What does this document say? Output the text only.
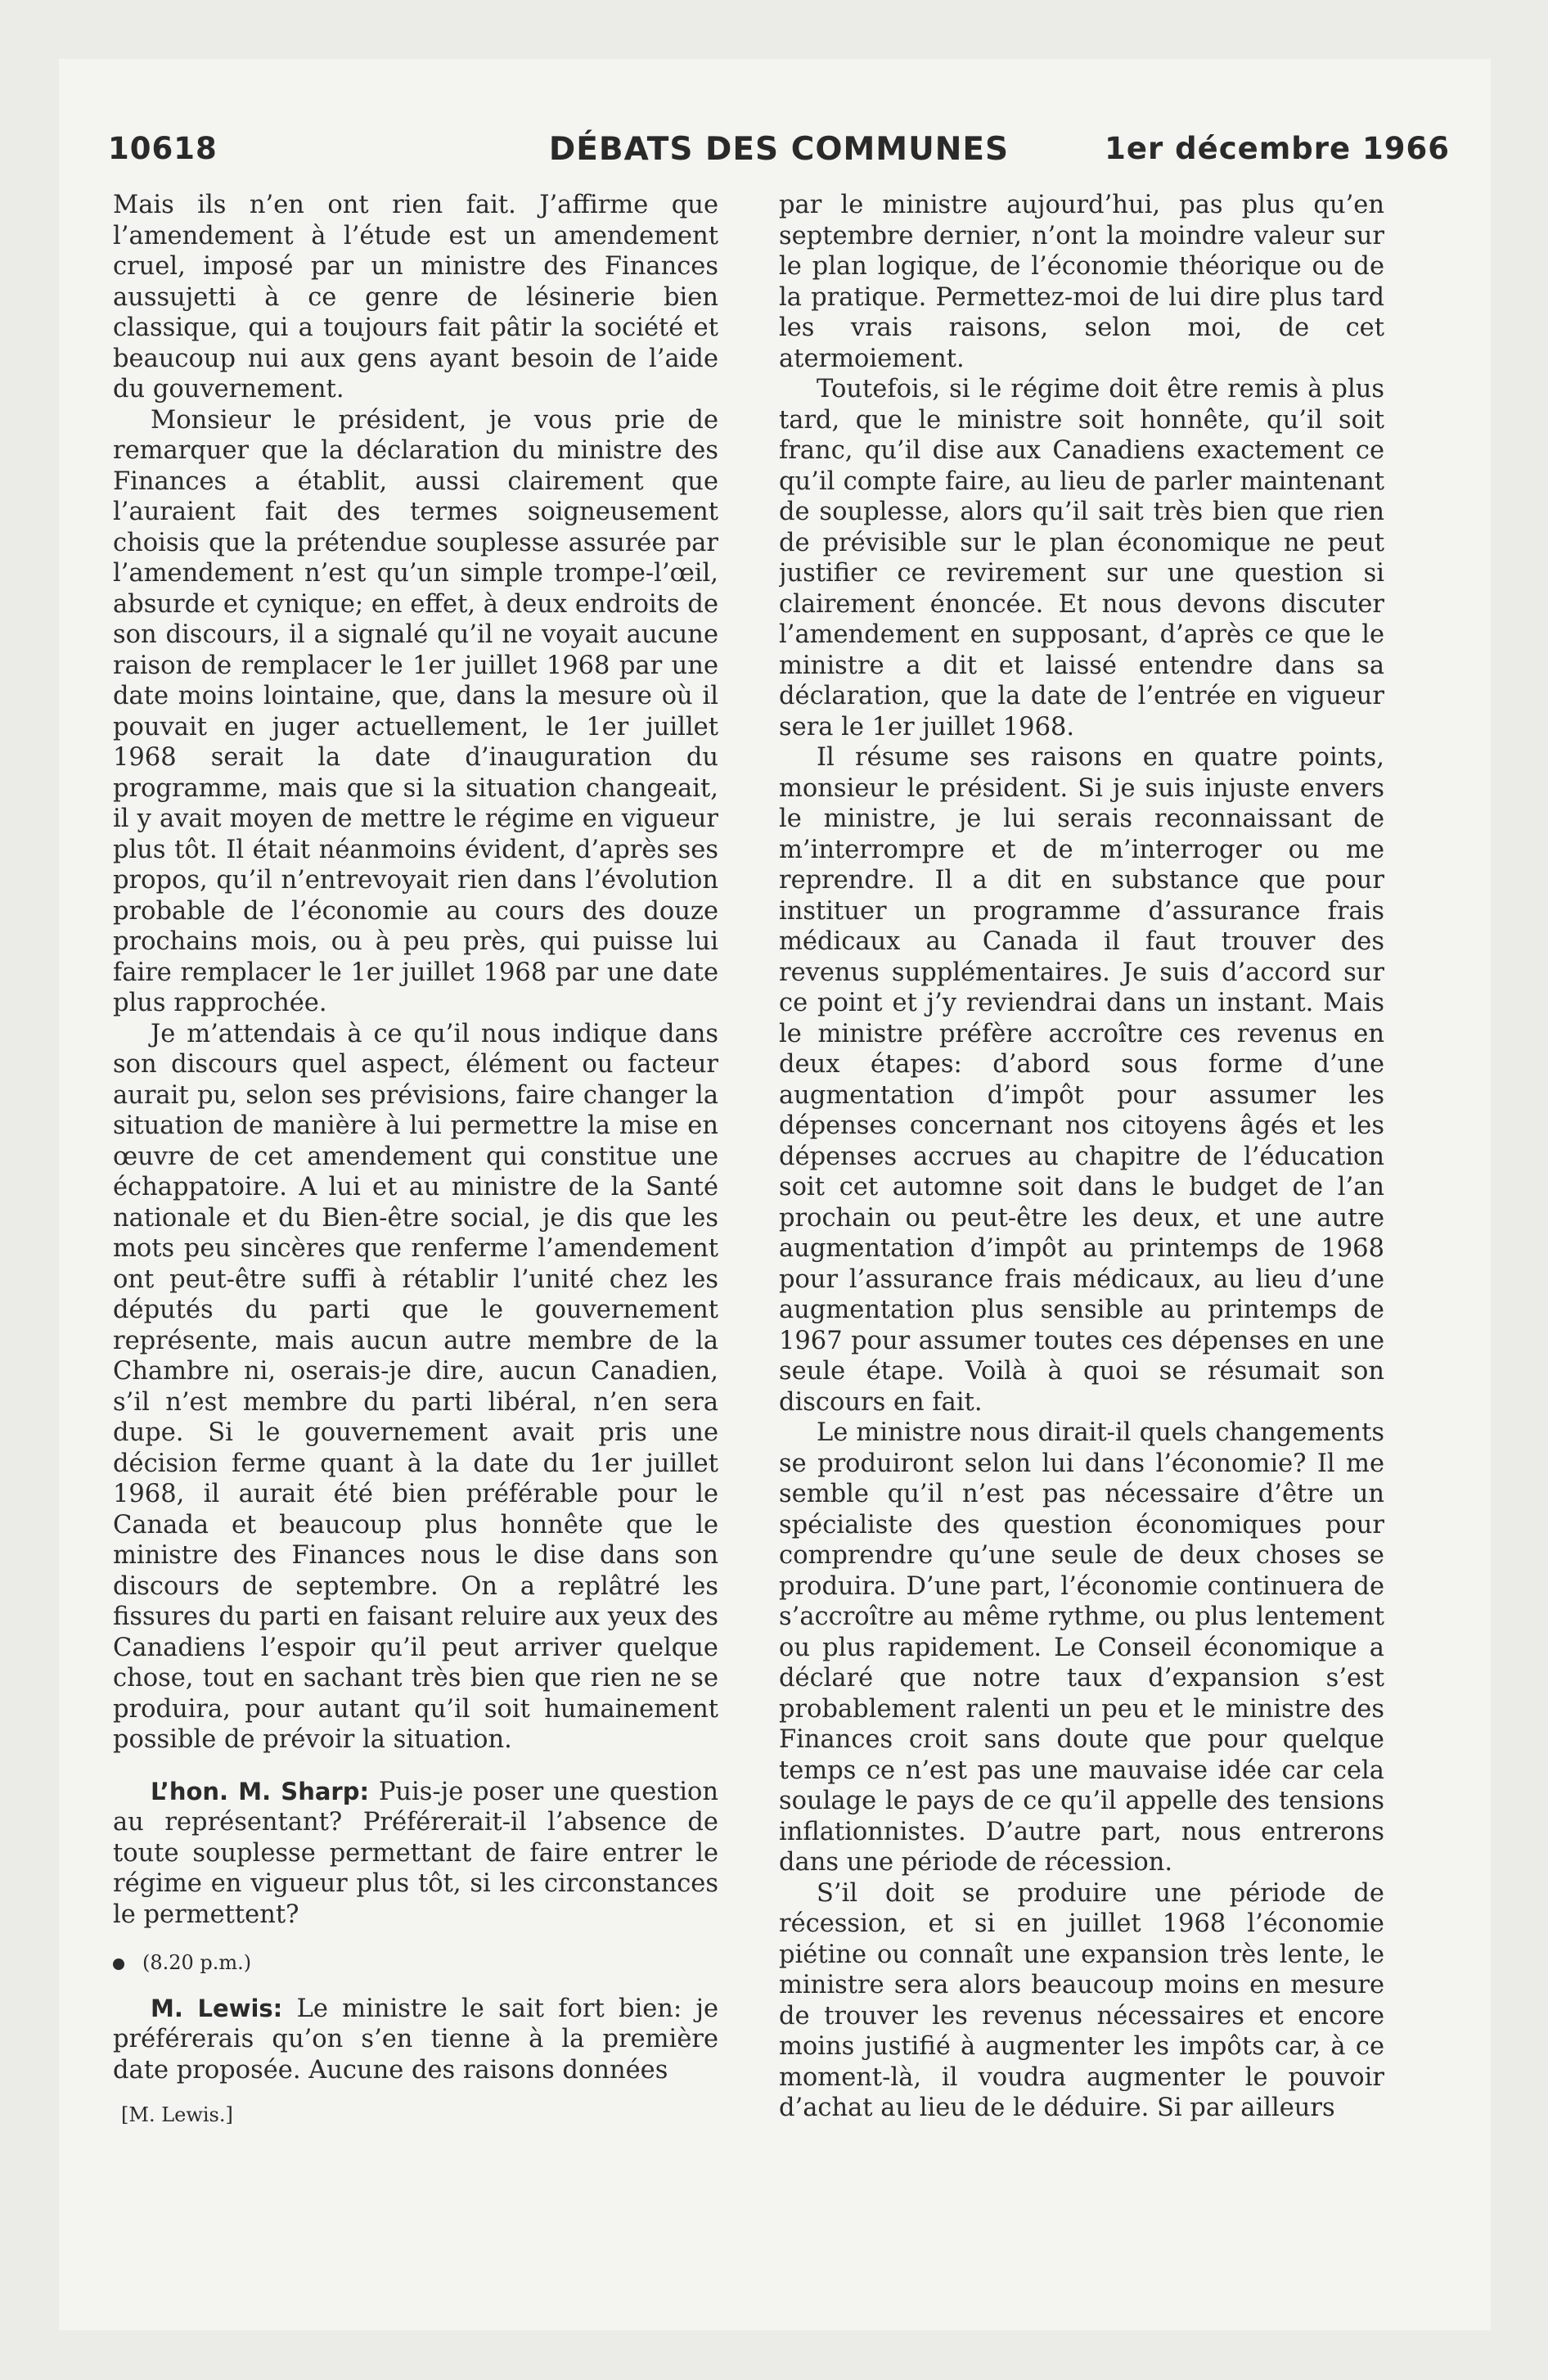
10618	DÉBATS DES COMMUNES	1er décembre 1966

Mais ils n’en ont rien fait. J’affirme que l’amendement à l’étude est un amendement cruel, imposé par un ministre des Finances aussujetti à ce genre de lésinerie bien classique, qui a toujours fait pâtir la société et beaucoup nui aux gens ayant besoin de l’aide du gouvernement.

Monsieur le président, je vous prie de remarquer que la déclaration du ministre des Finances a établit, aussi clairement que l’auraient fait des termes soigneusement choisis que la prétendue souplesse assurée par l’amendement n’est qu’un simple trompe-l’œil, absurde et cynique; en effet, à deux endroits de son discours, il a signalé qu’il ne voyait aucune raison de remplacer le 1er juillet 1968 par une date moins lointaine, que, dans la mesure où il pouvait en juger actuellement, le 1er juillet 1968 serait la date d’inauguration du programme, mais que si la situation changeait, il y avait moyen de mettre le régime en vigueur plus tôt. Il était néanmoins évident, d’après ses propos, qu’il n’entrevoyait rien dans l’évolution probable de l’économie au cours des douze prochains mois, ou à peu près, qui puisse lui faire remplacer le 1er juillet 1968 par une date plus rapprochée.

Je m’attendais à ce qu’il nous indique dans son discours quel aspect, élément ou facteur aurait pu, selon ses prévisions, faire changer la situation de manière à lui permettre la mise en œuvre de cet amendement qui constitue une échappatoire. A lui et au ministre de la Santé nationale et du Bien-être social, je dis que les mots peu sincères que renferme l’amendement ont peut-être suffi à rétablir l’unité chez les députés du parti que le gouvernement représente, mais aucun autre membre de la Chambre ni, oserais-je dire, aucun Canadien, s’il n’est membre du parti libéral, n’en sera dupe. Si le gouvernement avait pris une décision ferme quant à la date du 1er juillet 1968, il aurait été bien préférable pour le Canada et beaucoup plus honnête que le ministre des Finances nous le dise dans son discours de septembre. On a replâtré les fissures du parti en faisant reluire aux yeux des Canadiens l’espoir qu’il peut arriver quelque chose, tout en sachant très bien que rien ne se produira, pour autant qu’il soit humainement possible de prévoir la situation.

L’hon. M. Sharp: Puis-je poser une question au représentant? Préférerait-il l’absence de toute souplesse permettant de faire entrer le régime en vigueur plus tôt, si les circonstances le permettent?

(8.20 p.m.)

M. Lewis: Le ministre le sait fort bien: je préférerais qu’on s’en tienne à la première date proposée. Aucune des raisons données

[M. Lewis.]

par le ministre aujourd’hui, pas plus qu’en septembre dernier, n’ont la moindre valeur sur le plan logique, de l’économie théorique ou de la pratique. Permettez-moi de lui dire plus tard les vrais raisons, selon moi, de cet atermoiement.

Toutefois, si le régime doit être remis à plus tard, que le ministre soit honnête, qu’il soit franc, qu’il dise aux Canadiens exactement ce qu’il compte faire, au lieu de parler maintenant de souplesse, alors qu’il sait très bien que rien de prévisible sur le plan économique ne peut justifier ce revirement sur une question si clairement énoncée. Et nous devons discuter l’amendement en supposant, d’après ce que le ministre a dit et laissé entendre dans sa déclaration, que la date de l’entrée en vigueur sera le 1er juillet 1968.

Il résume ses raisons en quatre points, monsieur le président. Si je suis injuste envers le ministre, je lui serais reconnaissant de m’interrompre et de m’interroger ou me reprendre. Il a dit en substance que pour instituer un programme d’assurance frais médicaux au Canada il faut trouver des revenus supplémentaires. Je suis d’accord sur ce point et j’y reviendrai dans un instant. Mais le ministre préfère accroître ces revenus en deux étapes: d’abord sous forme d’une augmentation d’impôt pour assumer les dépenses concernant nos citoyens âgés et les dépenses accrues au chapitre de l’éducation soit cet automne soit dans le budget de l’an prochain ou peut-être les deux, et une autre augmentation d’impôt au printemps de 1968 pour l’assurance frais médicaux, au lieu d’une augmentation plus sensible au printemps de 1967 pour assumer toutes ces dépenses en une seule étape. Voilà à quoi se résumait son discours en fait.

Le ministre nous dirait-il quels changements se produiront selon lui dans l’économie? Il me semble qu’il n’est pas nécessaire d’être un spécialiste des question économiques pour comprendre qu’une seule de deux choses se produira. D’une part, l’économie continuera de s’accroître au même rythme, ou plus lentement ou plus rapidement. Le Conseil économique a déclaré que notre taux d’expansion s’est probablement ralenti un peu et le ministre des Finances croit sans doute que pour quelque temps ce n’est pas une mauvaise idée car cela soulage le pays de ce qu’il appelle des tensions inflationnistes. D’autre part, nous entrerons dans une période de récession.

S’il doit se produire une période de récession, et si en juillet 1968 l’économie piétine ou connaît une expansion très lente, le ministre sera alors beaucoup moins en mesure de trouver les revenus nécessaires et encore moins justifié à augmenter les impôts car, à ce moment-là, il voudra augmenter le pouvoir d’achat au lieu de le déduire. Si par ailleurs
